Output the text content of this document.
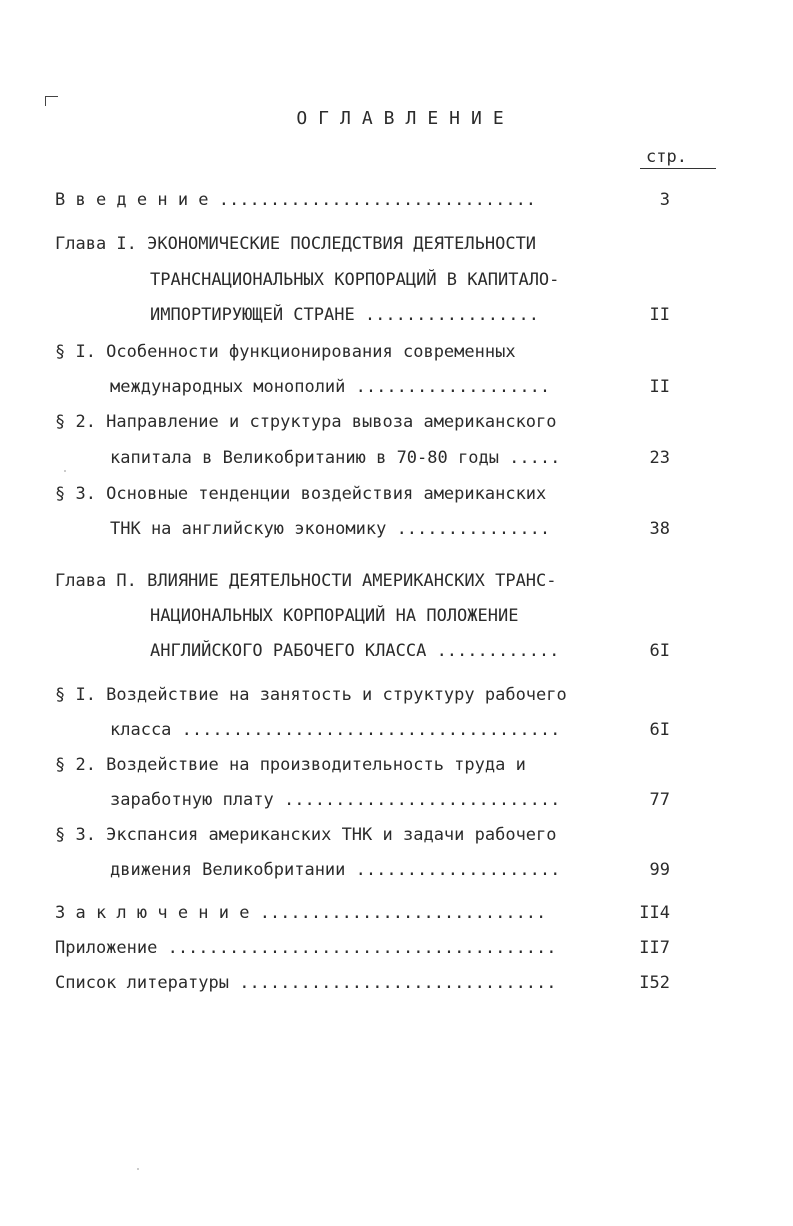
ОГЛАВЛЕНИЕ
стр.
В в е д е н и е ...............................	3
Глава I. ЭКОНОМИЧЕСКИЕ ПОСЛЕДСТВИЯ ДЕЯТЕЛЬНОСТИ
ТРАНСНАЦИОНАЛЬНЫХ КОРПОРАЦИЙ В КАПИТАЛО-
ИМПОРТИРУЮЩЕЙ СТРАНЕ .................	II
§ I. Особенности функционирования современных
международных монополий ...................	II
§ 2. Направление и структура вывоза американского
капитала в Великобританию в 70-80 годы .....	23
§ 3. Основные тенденции воздействия американских
ТНК на английскую экономику ...............	38
Глава П. ВЛИЯНИЕ ДЕЯТЕЛЬНОСТИ АМЕРИКАНСКИХ ТРАНС-
НАЦИОНАЛЬНЫХ КОРПОРАЦИЙ НА ПОЛОЖЕНИЕ
АНГЛИЙСКОГО РАБОЧЕГО КЛАССА ............	6I
§ I. Воздействие на занятость и структуру рабочего
класса .....................................	6I
§ 2. Воздействие на производительность труда и
заработную плату ...........................	77
§ 3. Экспансия американских ТНК и задачи рабочего
движения Великобритании ....................	99
З а к л ю ч е н и е ............................	II4
Приложение ......................................	II7
Список литературы ...............................	I52
